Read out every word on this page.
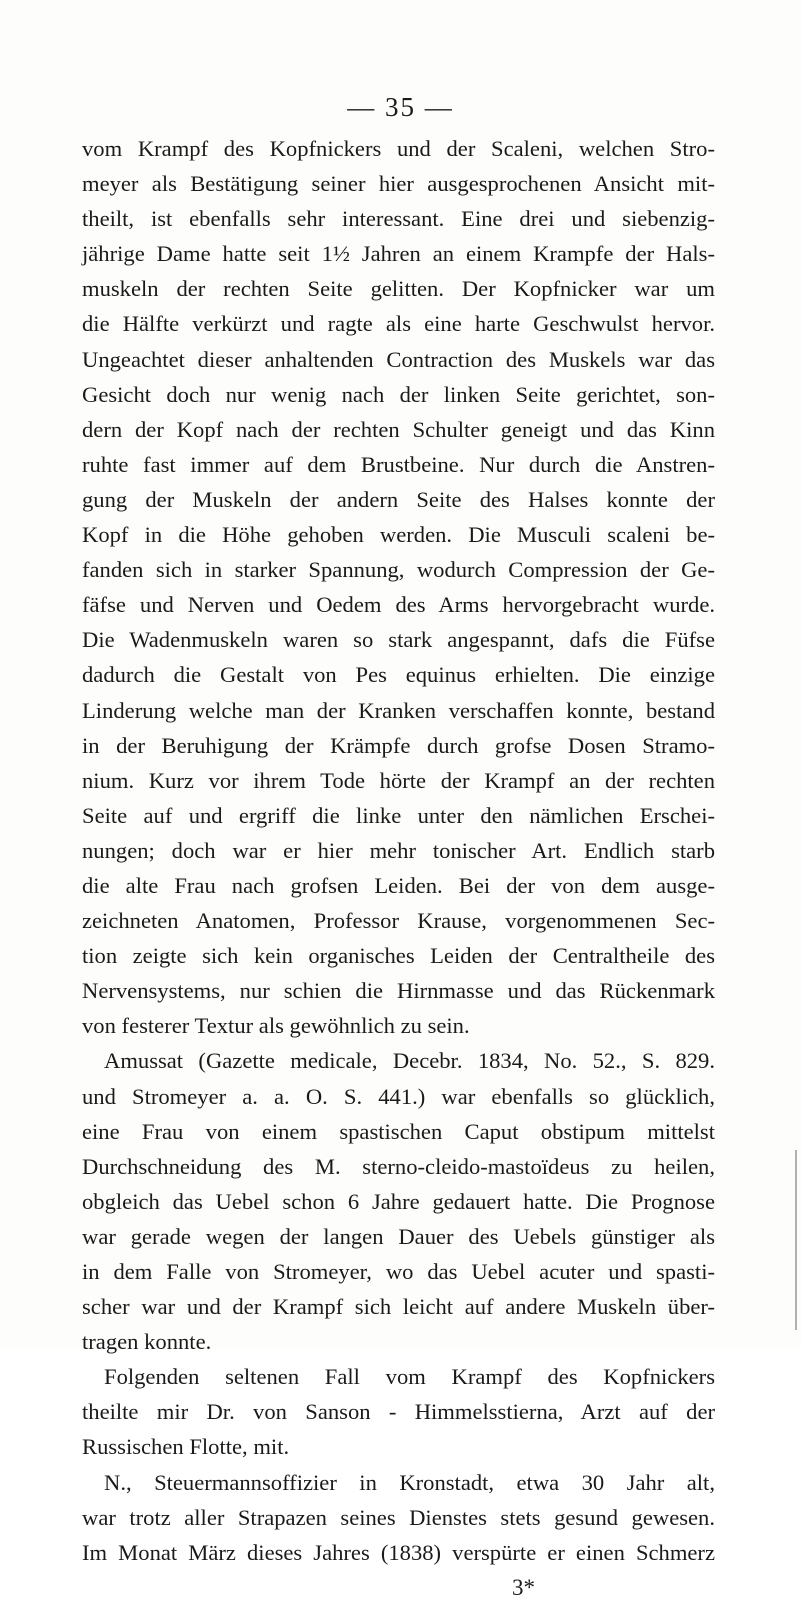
— 35 —
vom Krampf des Kopfnickers und der Scaleni, welchen Stro-
meyer als Bestätigung seiner hier ausgesprochenen Ansicht mit-
theilt, ist ebenfalls sehr interessant. Eine drei und siebenzig-
jährige Dame hatte seit 1½ Jahren an einem Krampfe der Hals-
muskeln der rechten Seite gelitten. Der Kopfnicker war um
die Hälfte verkürzt und ragte als eine harte Geschwulst hervor.
Ungeachtet dieser anhaltenden Contraction des Muskels war das
Gesicht doch nur wenig nach der linken Seite gerichtet, son-
dern der Kopf nach der rechten Schulter geneigt und das Kinn
ruhte fast immer auf dem Brustbeine. Nur durch die Anstren-
gung der Muskeln der andern Seite des Halses konnte der
Kopf in die Höhe gehoben werden. Die Musculi scaleni be-
fanden sich in starker Spannung, wodurch Compression der Ge-
fäfse und Nerven und Oedem des Arms hervorgebracht wurde.
Die Wadenmuskeln waren so stark angespannt, dafs die Füfse
dadurch die Gestalt von Pes equinus erhielten. Die einzige
Linderung welche man der Kranken verschaffen konnte, bestand
in der Beruhigung der Krämpfe durch grofse Dosen Stramo-
nium. Kurz vor ihrem Tode hörte der Krampf an der rechten
Seite auf und ergriff die linke unter den nämlichen Erschei-
nungen; doch war er hier mehr tonischer Art. Endlich starb
die alte Frau nach grofsen Leiden. Bei der von dem ausge-
zeichneten Anatomen, Professor Krause, vorgenommenen Sec-
tion zeigte sich kein organisches Leiden der Centraltheile des
Nervensystems, nur schien die Hirnmasse und das Rückenmark
von festerer Textur als gewöhnlich zu sein.
Amussat (Gazette medicale, Decebr. 1834, No. 52., S. 829.
und Stromeyer a. a. O. S. 441.) war ebenfalls so glücklich,
eine Frau von einem spastischen Caput obstipum mittelst
Durchschneidung des M. sterno-cleido-mastoïdeus zu heilen,
obgleich das Uebel schon 6 Jahre gedauert hatte. Die Prognose
war gerade wegen der langen Dauer des Uebels günstiger als
in dem Falle von Stromeyer, wo das Uebel acuter und spasti-
scher war und der Krampf sich leicht auf andere Muskeln über-
tragen konnte.
Folgenden seltenen Fall vom Krampf des Kopfnickers
theilte mir Dr. von Sanson - Himmelsstierna, Arzt auf der
Russischen Flotte, mit.
N., Steuermannsoffizier in Kronstadt, etwa 30 Jahr alt,
war trotz aller Strapazen seines Dienstes stets gesund gewesen.
Im Monat März dieses Jahres (1838) verspürte er einen Schmerz
3*
